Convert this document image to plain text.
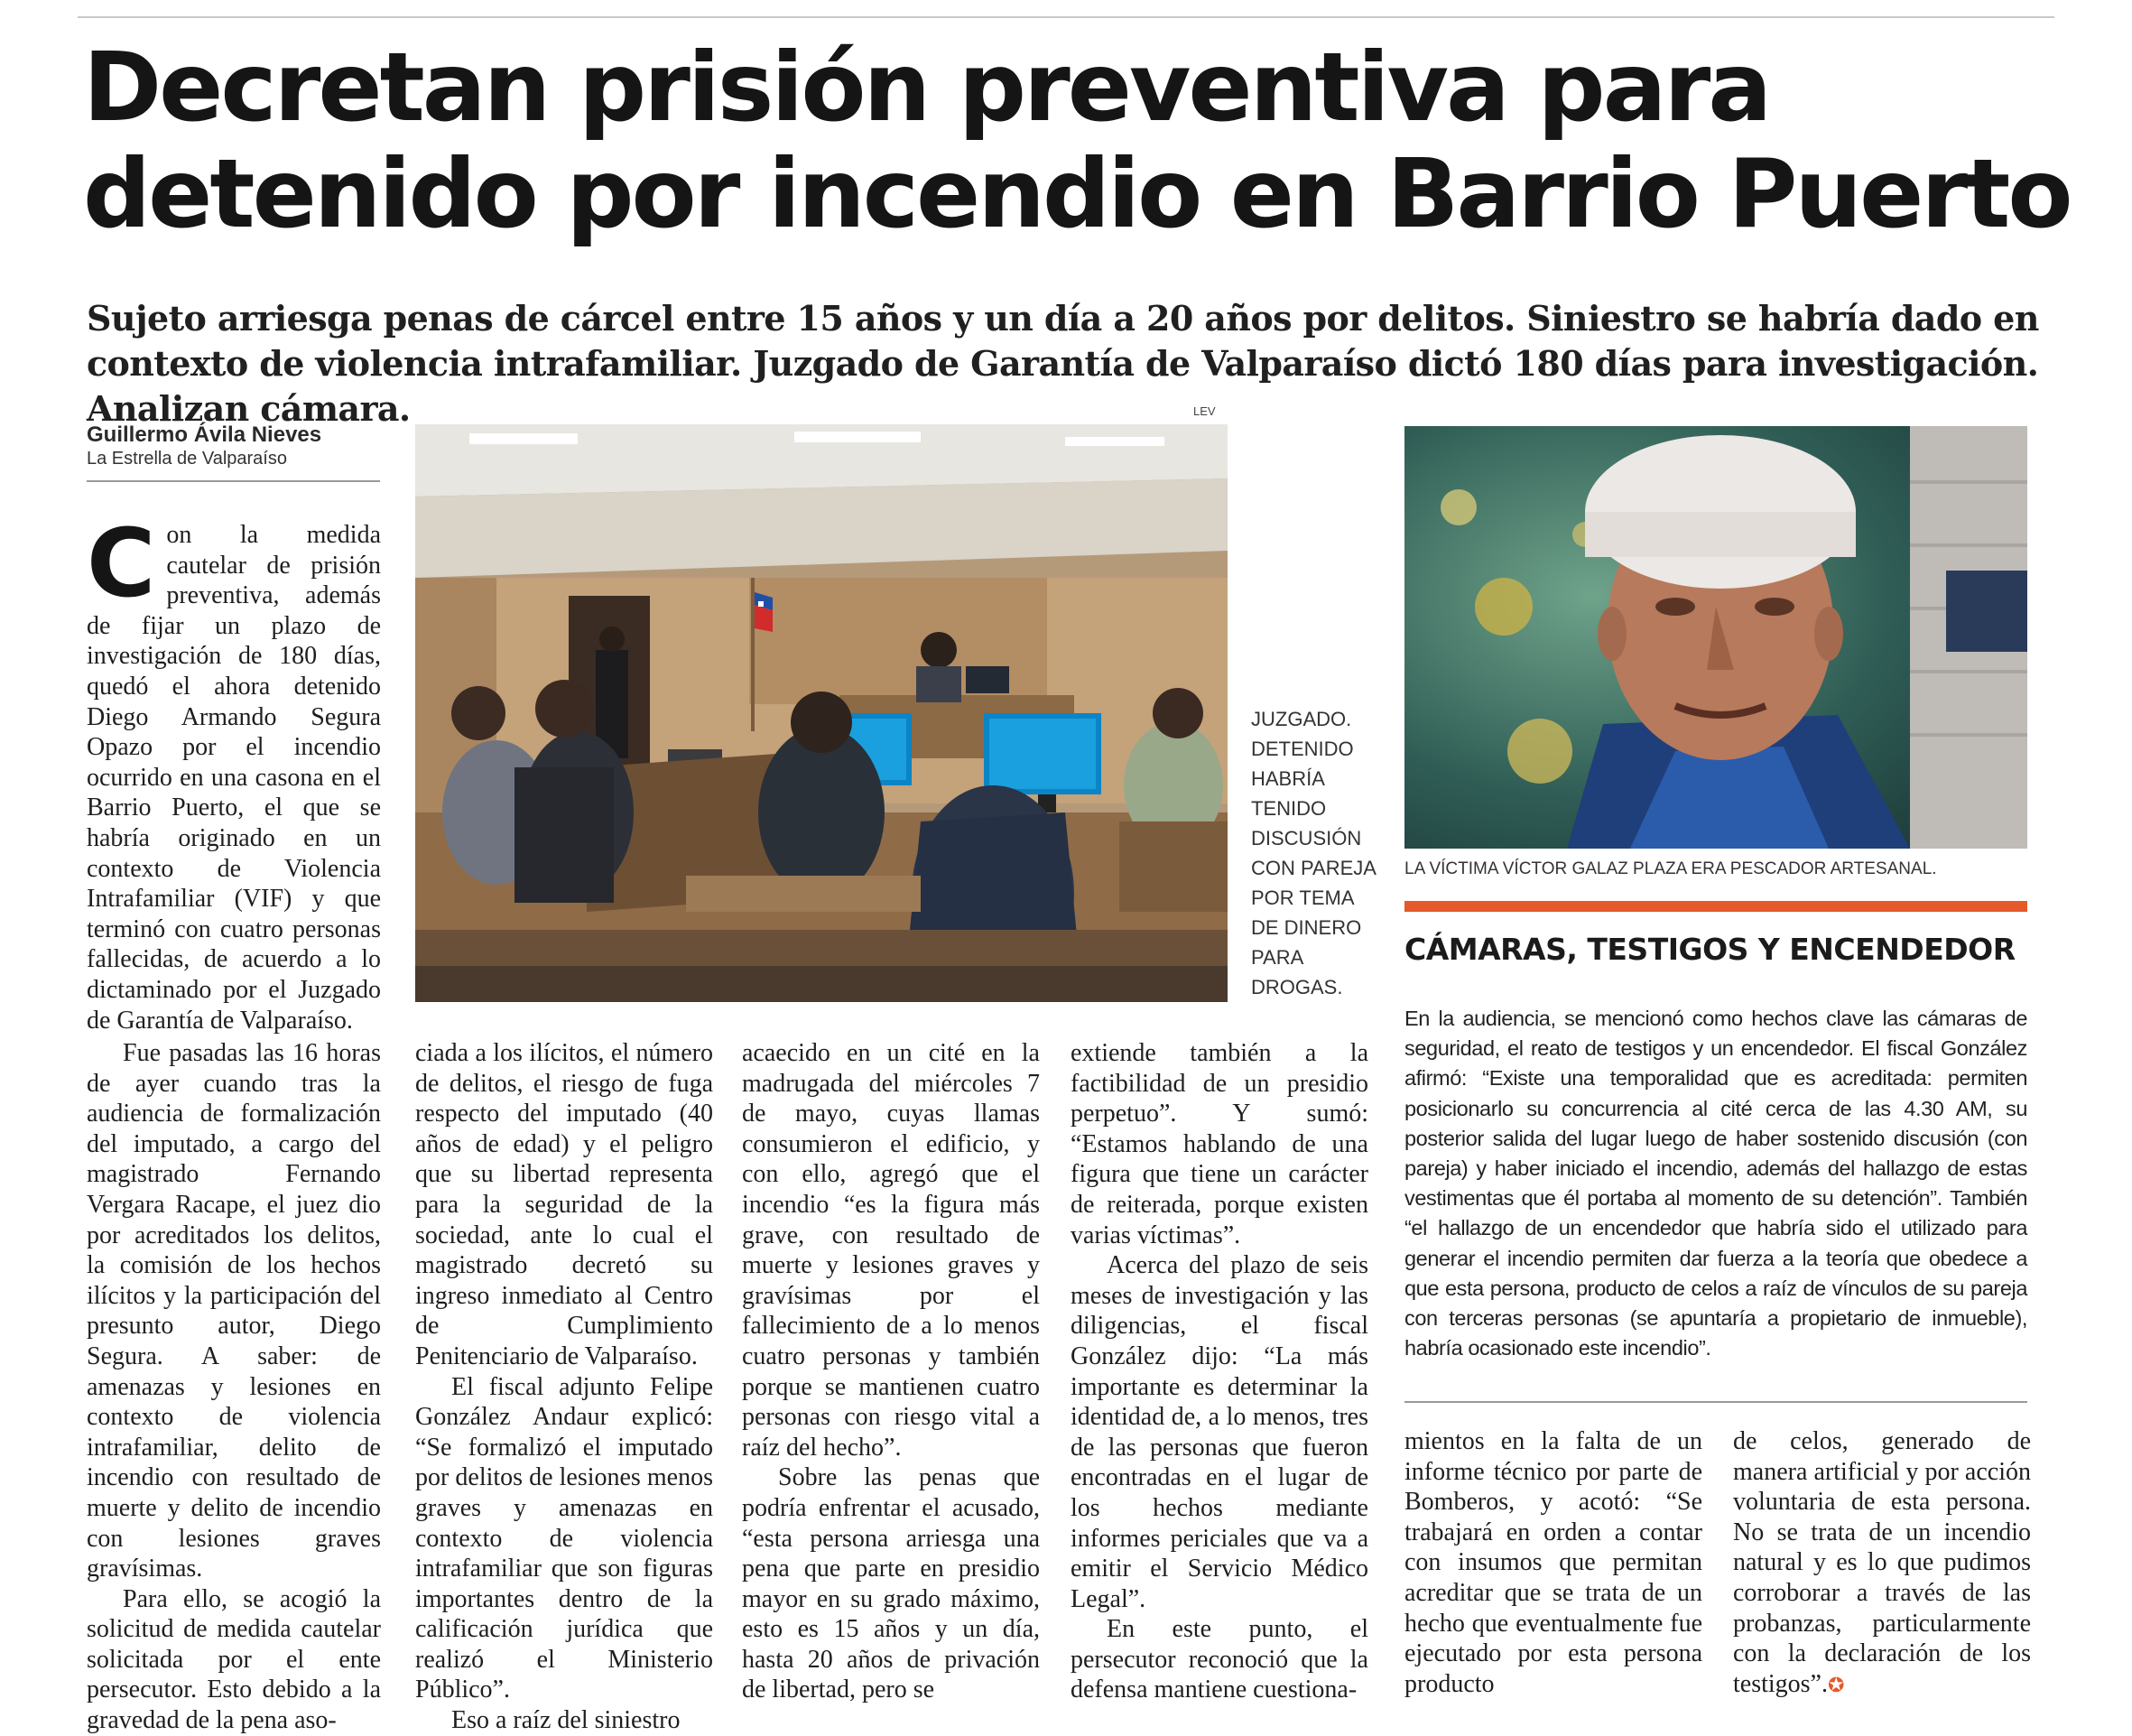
Decretan prisión preventiva para
detenido por incendio en Barrio Puerto

Sujeto arriesga penas de cárcel entre 15 años y un día a 20 años por delitos. Siniestro se habría dado en contexto de violencia intrafamiliar. Juzgado de Garantía de Valparaíso dictó 180 días para investigación. Analizan cámara.

Guillermo Ávila Nieves
La Estrella de Valparaíso

Con la medida cautelar de prisión preventiva, además de fijar un plazo de investigación de 180 días, quedó el ahora detenido Diego Armando Segura Opazo por el incendio ocurrido en una casona en el Barrio Puerto, el que se habría originado en un contexto de Violencia Intrafamiliar (VIF) y que terminó con cuatro personas fallecidas, de acuerdo a lo dictaminado por el Juzgado de Garantía de Valparaíso.

Fue pasadas las 16 horas de ayer cuando tras la audiencia de formalización del imputado, a cargo del magistrado Fernando Vergara Racape, el juez dio por acreditados los delitos, la comisión de los hechos ilícitos y la participación del presunto autor, Diego Segura. A saber: de amenazas y lesiones en contexto de violencia intrafamiliar, delito de incendio con resultado de muerte y delito de incendio con lesiones graves gravísimas.

Para ello, se acogió la solicitud de medida cautelar solicitada por el ente persecutor. Esto debido a la gravedad de la pena aso-

LEV
JUZGADO. DETENIDO HABRÍA TENIDO DISCUSIÓN CON PAREJA POR TEMA DE DINERO PARA DROGAS.

ciada a los ilícitos, el número de delitos, el riesgo de fuga respecto del imputado (40 años de edad) y el peligro que su libertad representa para la seguridad de la sociedad, ante lo cual el magistrado decretó su ingreso inmediato al Centro de Cumplimiento Penitenciario de Valparaíso.

El fiscal adjunto Felipe González Andaur explicó: “Se formalizó el imputado por delitos de lesiones menos graves y amenazas en contexto de violencia intrafamiliar que son figuras importantes dentro de la calificación jurídica que realizó el Ministerio Público”.

Eso a raíz del siniestro

acaecido en un cité en la madrugada del miércoles 7 de mayo, cuyas llamas consumieron el edificio, y con ello, agregó que el incendio “es la figura más grave, con resultado de muerte y lesiones graves y gravísimas por el fallecimiento de a lo menos cuatro personas y también porque se mantienen cuatro personas con riesgo vital a raíz del hecho”.

Sobre las penas que podría enfrentar el acusado, “esta persona arriesga una pena que parte en presidio mayor en su grado máximo, esto es 15 años y un día, hasta 20 años de privación de libertad, pero se

extiende también a la factibilidad de un presidio perpetuo”. Y sumó: “Estamos hablando de una figura que tiene un carácter de reiterada, porque existen varias víctimas”.

Acerca del plazo de seis meses de investigación y las diligencias, el fiscal González dijo: “La más importante es determinar la identidad de, a lo menos, tres de las personas que fueron encontradas en el lugar de los hechos mediante informes periciales que va a emitir el Servicio Médico Legal”.

En este punto, el persecutor reconoció que la defensa mantiene cuestiona-

LA VÍCTIMA VÍCTOR GALAZ PLAZA ERA PESCADOR ARTESANAL.
CÁMARAS, TESTIGOS Y ENCENDEDOR

En la audiencia, se mencionó como hechos clave las cámaras de seguridad, el reato de testigos y un encendedor. El fiscal González afirmó: “Existe una temporalidad que es acreditada: permiten posicionarlo su concurrencia al cité cerca de las 4.30 AM, su posterior salida del lugar luego de haber sostenido discusión (con pareja) y haber iniciado el incendio, además del hallazgo de estas vestimentas que él portaba al momento de su detención”. También “el hallazgo de un encendedor que habría sido el utilizado para generar el incendio permiten dar fuerza a la teoría que obedece a que esta persona, producto de celos a raíz de vínculos de su pareja con terceras personas (se apuntaría a propietario de inmueble), habría ocasionado este incendio”.

mientos en la falta de un informe técnico por parte de Bomberos, y acotó: “Se trabajará en orden a contar con insumos que permitan acreditar que se trata de un hecho que eventualmente fue ejecutado por esta persona producto

de celos, generado de manera artificial y por acción voluntaria de esta persona. No se trata de un incendio natural y es lo que pudimos corroborar a través de las probanzas, particularmente con la declaración de los testigos”.✪
